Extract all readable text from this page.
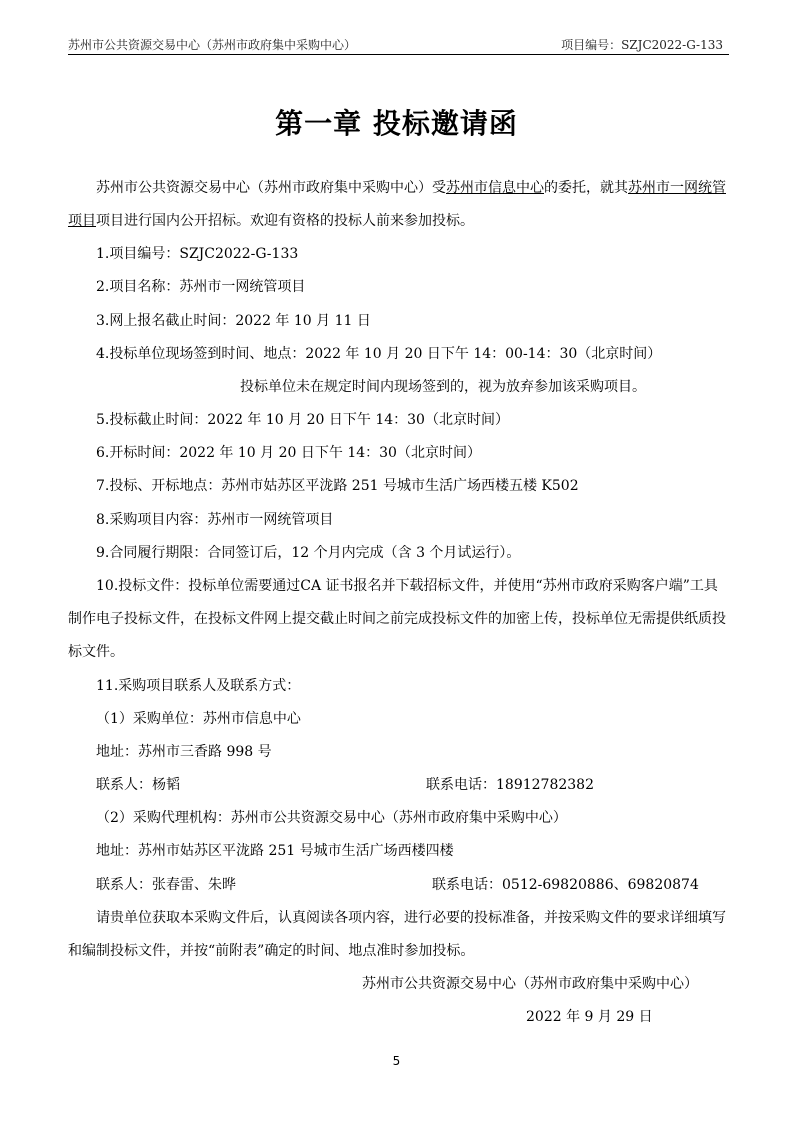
苏州市公共资源交易中心（苏州市政府集中采购中心）	项目编号：SZJC2022-G-133
第一章 投标邀请函
苏州市公共资源交易中心（苏州市政府集中采购中心）受苏州市信息中心的委托，就其苏州市一网统管
项目项目进行国内公开招标。欢迎有资格的投标人前来参加投标。
1.项目编号：SZJC2022-G-133
2.项目名称：苏州市一网统管项目
3.网上报名截止时间：2022 年 10 月 11 日
4.投标单位现场签到时间、地点：2022 年 10 月 20 日下午 14：00-14：30（北京时间）
投标单位未在规定时间内现场签到的，视为放弃参加该采购项目。
5.投标截止时间：2022 年 10 月 20 日下午 14：30（北京时间）
6.开标时间：2022 年 10 月 20 日下午 14：30（北京时间）
7.投标、开标地点：苏州市姑苏区平泷路 251 号城市生活广场西楼五楼 K502
8.采购项目内容：苏州市一网统管项目
9.合同履行期限：合同签订后，12 个月内完成（含 3 个月试运行）。
10.投标文件：投标单位需要通过CA 证书报名并下载招标文件，并使用“苏州市政府采购客户端”工具
制作电子投标文件，在投标文件网上提交截止时间之前完成投标文件的加密上传，投标单位无需提供纸质投
标文件。
11.采购项目联系人及联系方式：
（1）采购单位：苏州市信息中心
地址：苏州市三香路 998 号
联系人：杨韬	联系电话：18912782382
（2）采购代理机构：苏州市公共资源交易中心（苏州市政府集中采购中心）
地址：苏州市姑苏区平泷路 251 号城市生活广场西楼四楼
联系人：张春雷、朱晔	联系电话：0512-69820886、69820874
请贵单位获取本采购文件后，认真阅读各项内容，进行必要的投标准备，并按采购文件的要求详细填写
和编制投标文件，并按“前附表”确定的时间、地点准时参加投标。
苏州市公共资源交易中心（苏州市政府集中采购中心）
2022 年 9 月 29 日
5
